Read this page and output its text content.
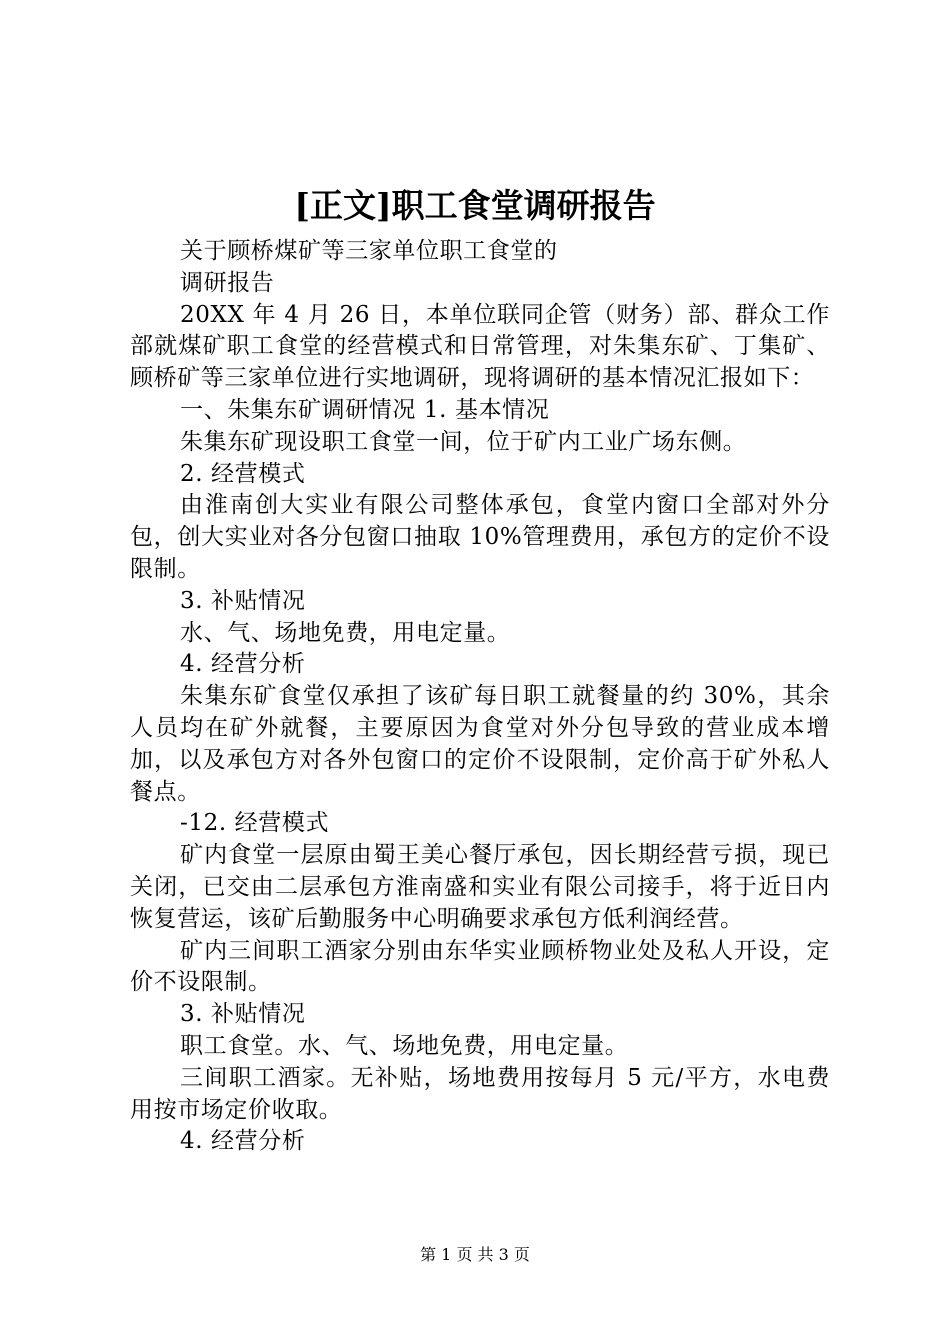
[正文]职工食堂调研报告

关于顾桥煤矿等三家单位职工食堂的

调研报告

20XX 年 4 月 26 日，本单位联同企管（财务）部、群众工作部就煤矿职工食堂的经营模式和日常管理，对朱集东矿、丁集矿、顾桥矿等三家单位进行实地调研，现将调研的基本情况汇报如下：

一、朱集东矿调研情况 1. 基本情况

朱集东矿现设职工食堂一间，位于矿内工业广场东侧。

2. 经营模式

由淮南创大实业有限公司整体承包，食堂内窗口全部对外分包，创大实业对各分包窗口抽取 10%管理费用，承包方的定价不设限制。

3. 补贴情况

水、气、场地免费，用电定量。

4. 经营分析

朱集东矿食堂仅承担了该矿每日职工就餐量的约 30%，其余人员均在矿外就餐，主要原因为食堂对外分包导致的营业成本增加，以及承包方对各外包窗口的定价不设限制，定价高于矿外私人餐点。

-12. 经营模式

矿内食堂一层原由蜀王美心餐厅承包，因长期经营亏损，现已关闭，已交由二层承包方淮南盛和实业有限公司接手，将于近日内恢复营运，该矿后勤服务中心明确要求承包方低利润经营。

矿内三间职工酒家分别由东华实业顾桥物业处及私人开设，定价不设限制。

3. 补贴情况

职工食堂。水、气、场地免费，用电定量。

三间职工酒家。无补贴，场地费用按每月 5 元/平方，水电费用按市场定价收取。

4. 经营分析

第 1 页 共 3 页
